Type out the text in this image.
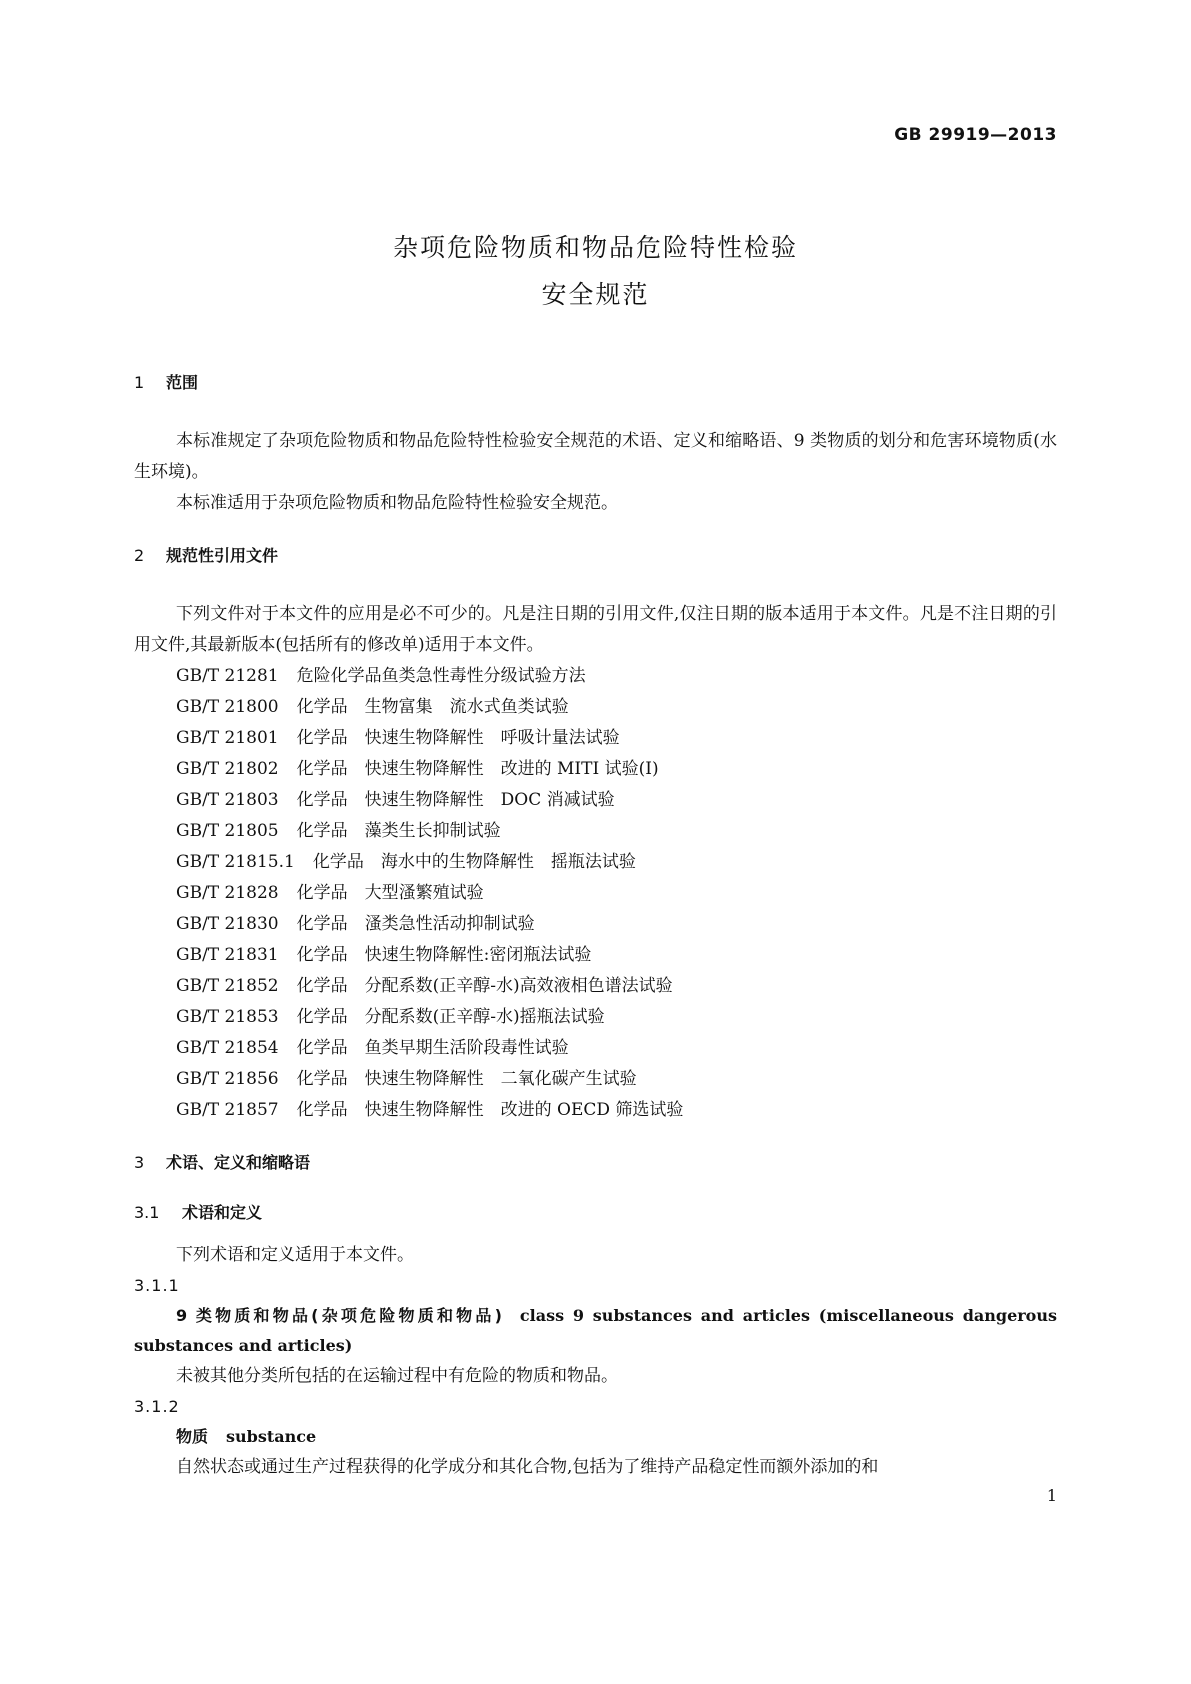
GB 29919—2013
杂项危险物质和物品危险特性检验
安全规范
1	范围
本标准规定了杂项危险物质和物品危险特性检验安全规范的术语、定义和缩略语、9 类物质的划分和危害环境物质(水生环境)。
本标准适用于杂项危险物质和物品危险特性检验安全规范。
2	规范性引用文件
下列文件对于本文件的应用是必不可少的。凡是注日期的引用文件,仅注日期的版本适用于本文件。凡是不注日期的引用文件,其最新版本(包括所有的修改单)适用于本文件。
GB/T 21281 危险化学品鱼类急性毒性分级试验方法
GB/T 21800 化学品　生物富集　流水式鱼类试验
GB/T 21801 化学品　快速生物降解性　呼吸计量法试验
GB/T 21802 化学品　快速生物降解性　改进的 MITI 试验(Ⅰ)
GB/T 21803 化学品　快速生物降解性　DOC 消减试验
GB/T 21805 化学品　藻类生长抑制试验
GB/T 21815.1 化学品　海水中的生物降解性　摇瓶法试验
GB/T 21828 化学品　大型溞繁殖试验
GB/T 21830 化学品　溞类急性活动抑制试验
GB/T 21831 化学品　快速生物降解性:密闭瓶法试验
GB/T 21852 化学品　分配系数(正辛醇-水)高效液相色谱法试验
GB/T 21853 化学品　分配系数(正辛醇-水)摇瓶法试验
GB/T 21854 化学品　鱼类早期生活阶段毒性试验
GB/T 21856 化学品　快速生物降解性　二氧化碳产生试验
GB/T 21857 化学品　快速生物降解性　改进的 OECD 筛选试验
3	术语、定义和缩略语
3.1	术语和定义
下列术语和定义适用于本文件。
3.1.1
9 类物质和物品(杂项危险物质和物品) class 9 substances and articles (miscellaneous dangerous substances and articles)
未被其他分类所包括的在运输过程中有危险的物质和物品。
3.1.2
物质 substance
自然状态或通过生产过程获得的化学成分和其化合物,包括为了维持产品稳定性而额外添加的和
1
